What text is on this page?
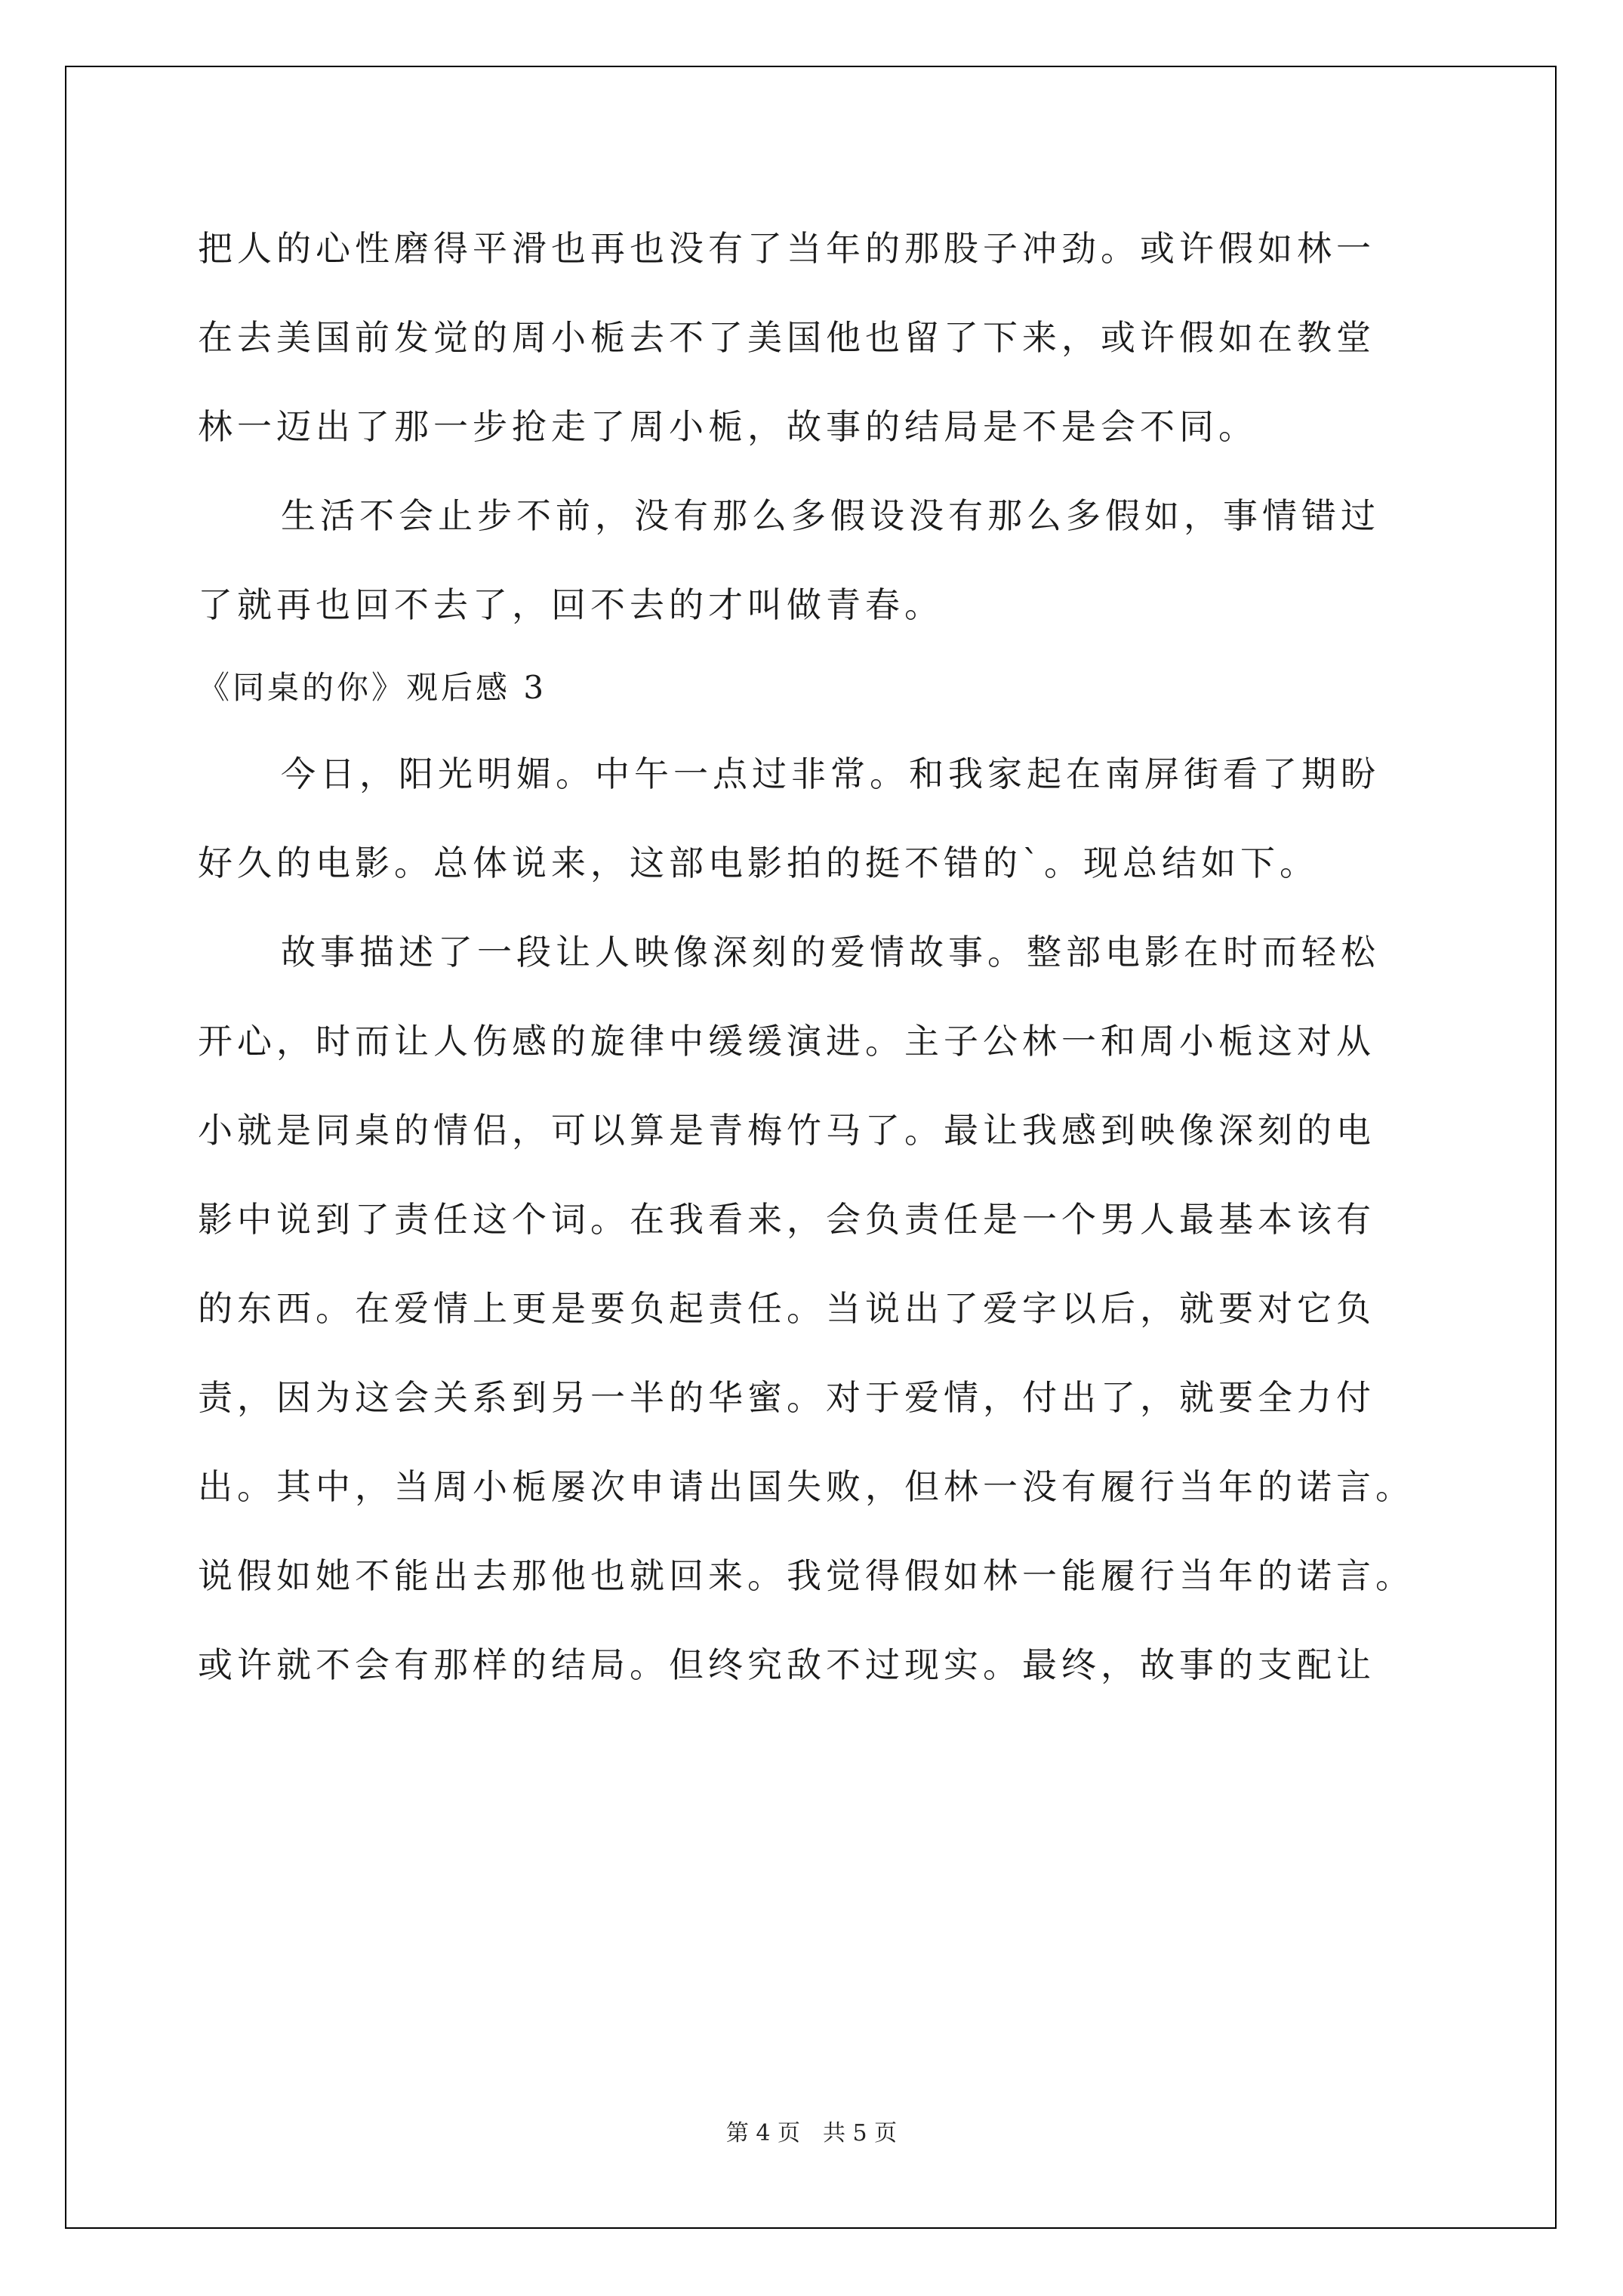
把人的心性磨得平滑也再也没有了当年的那股子冲劲。或许假如林一
在去美国前发觉的周小栀去不了美国他也留了下来，或许假如在教堂
林一迈出了那一步抢走了周小栀，故事的结局是不是会不同。
生活不会止步不前，没有那么多假设没有那么多假如，事情错过
了就再也回不去了，回不去的才叫做青春。
《同桌的你》观后感 3
今日，阳光明媚。中午一点过非常。和我家起在南屏街看了期盼
好久的电影。总体说来，这部电影拍的挺不错的`。现总结如下。
故事描述了一段让人映像深刻的爱情故事。整部电影在时而轻松
开心，时而让人伤感的旋律中缓缓演进。主子公林一和周小栀这对从
小就是同桌的情侣，可以算是青梅竹马了。最让我感到映像深刻的电
影中说到了责任这个词。在我看来，会负责任是一个男人最基本该有
的东西。在爱情上更是要负起责任。当说出了爱字以后，就要对它负
责，因为这会关系到另一半的华蜜。对于爱情，付出了，就要全力付
出。其中，当周小栀屡次申请出国失败，但林一没有履行当年的诺言。
说假如她不能出去那他也就回来。我觉得假如林一能履行当年的诺言。
或许就不会有那样的结局。但终究敌不过现实。最终，故事的支配让
第 4 页　共 5 页
